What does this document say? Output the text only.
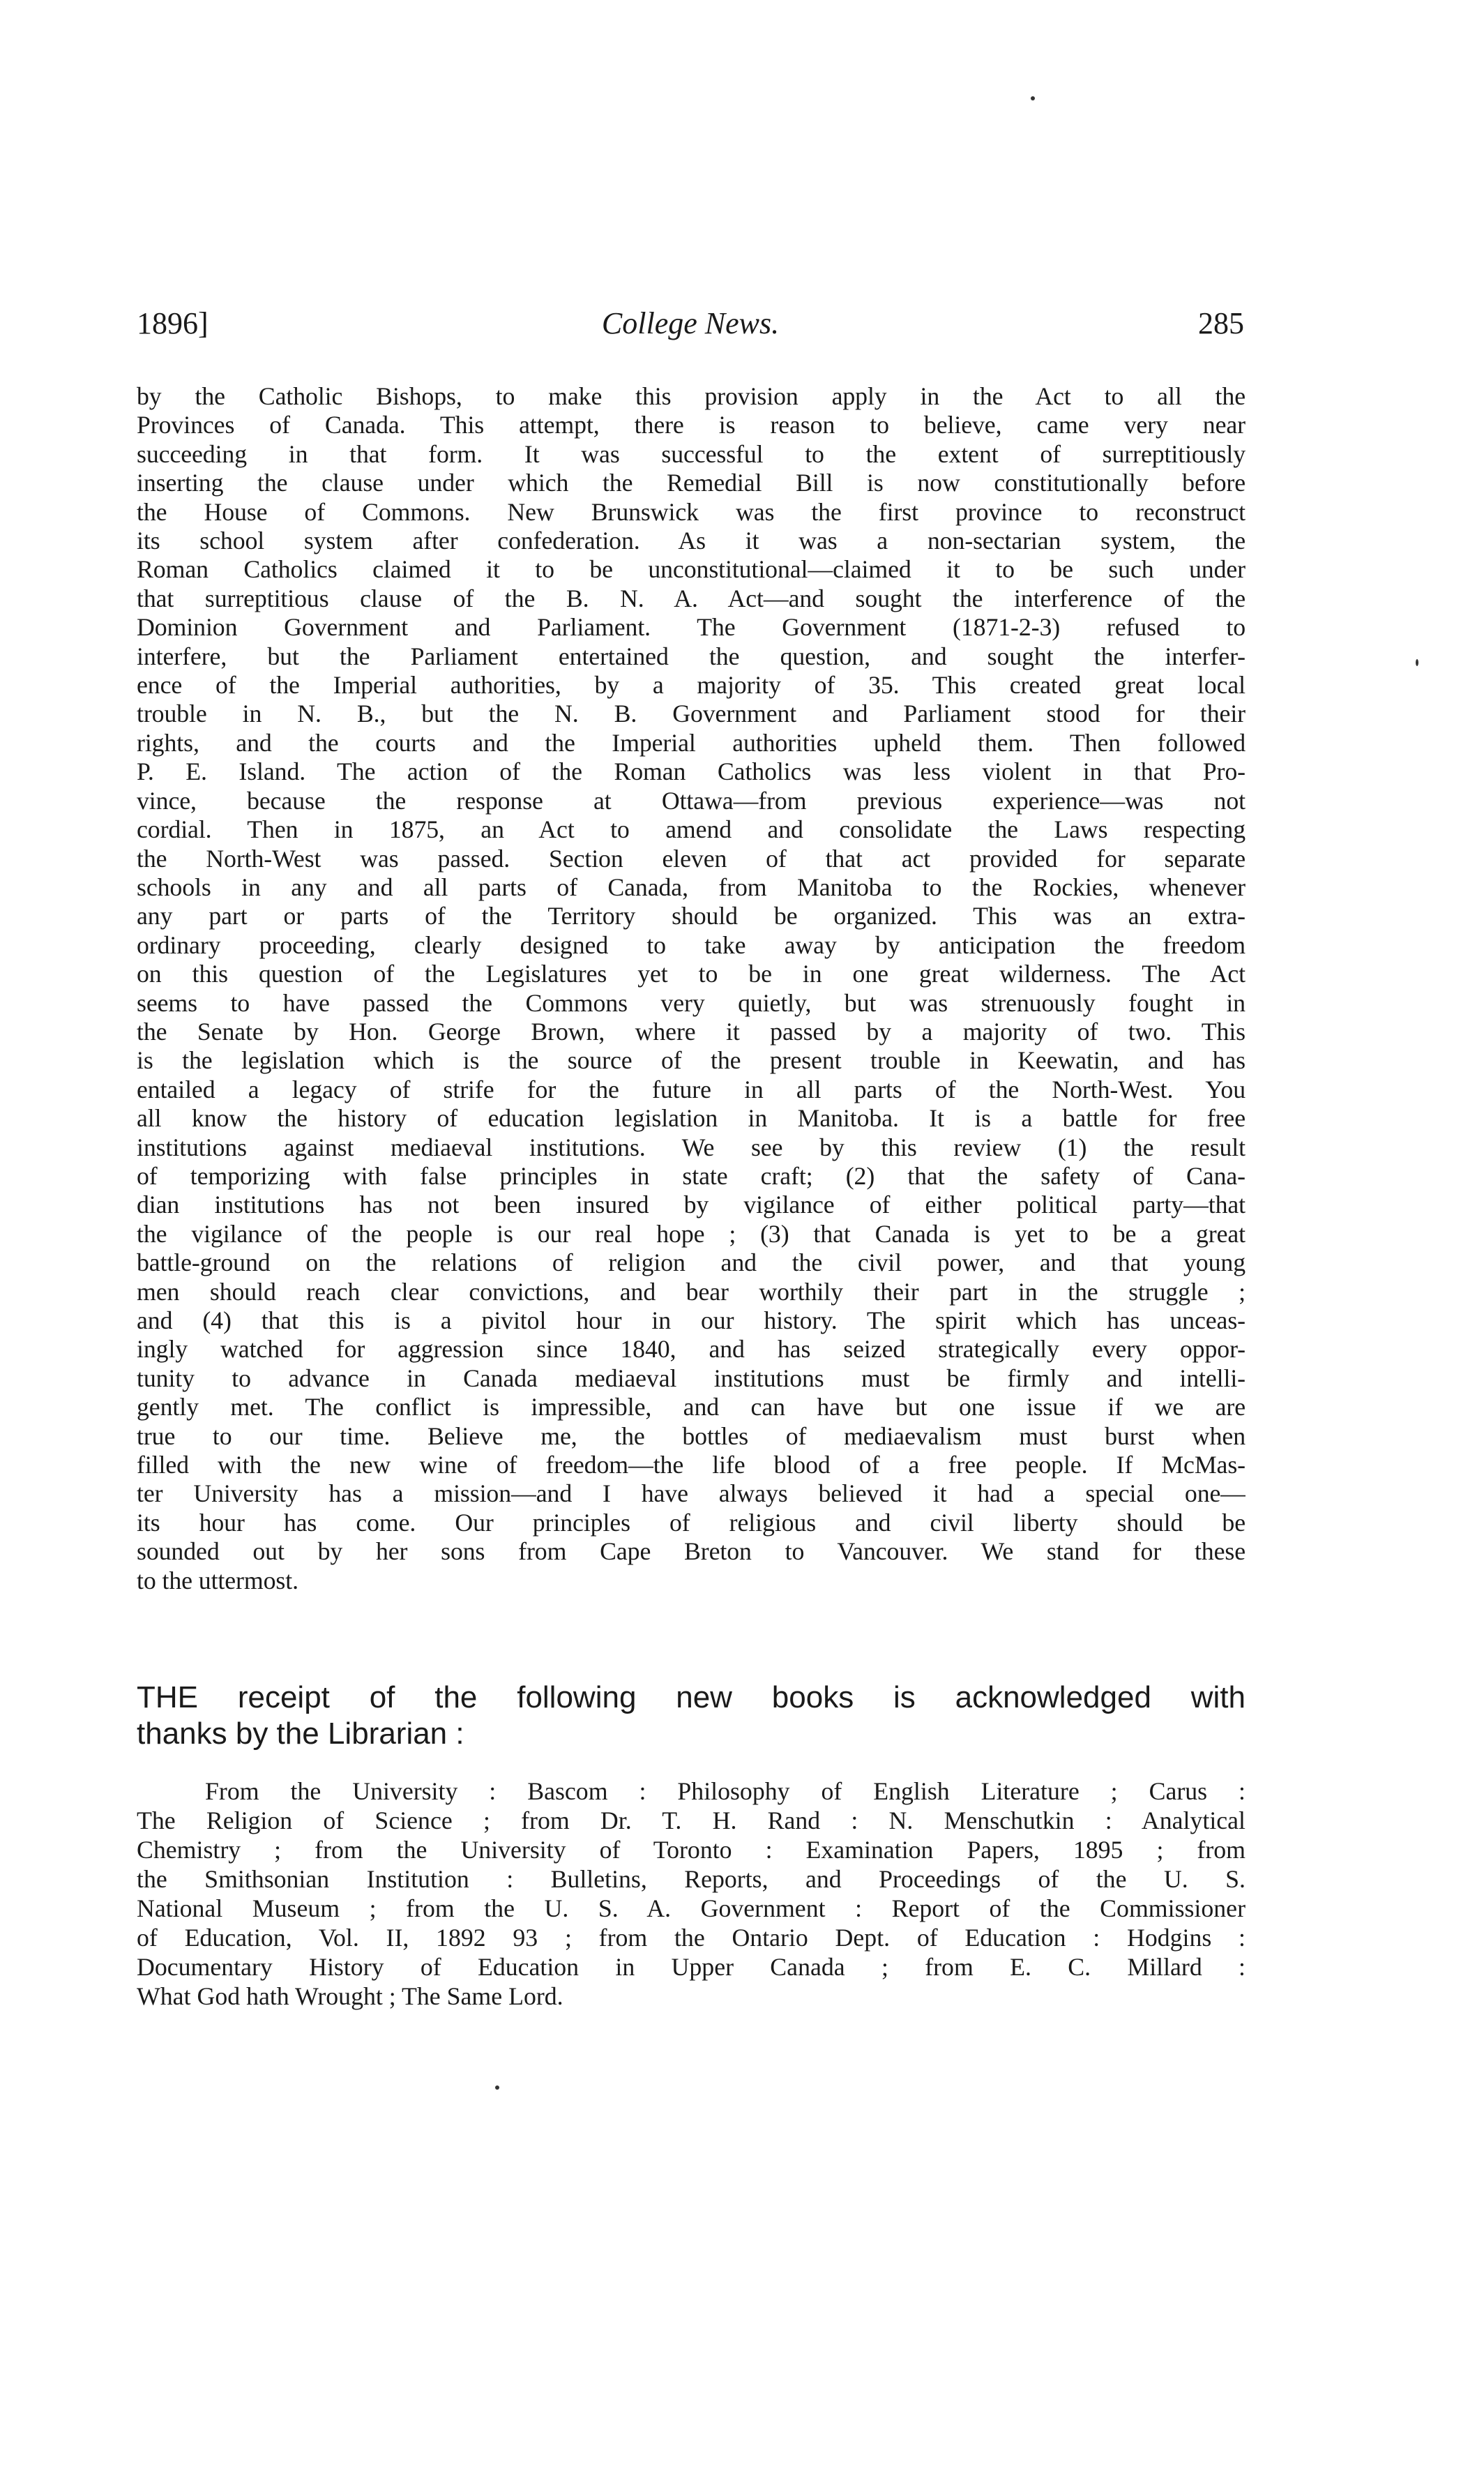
1896]	College News.	285
by the Catholic Bishops, to make this provision apply in the Act to all the
Provinces of Canada. This attempt, there is reason to believe, came very near
succeeding in that form. It was successful to the extent of surreptitiously
inserting the clause under which the Remedial Bill is now constitutionally before
the House of Commons. New Brunswick was the first province to reconstruct
its school system after confederation. As it was a non-sectarian system, the
Roman Catholics claimed it to be unconstitutional—claimed it to be such under
that surreptitious clause of the B. N. A. Act—and sought the interference of the
Dominion Government and Parliament. The Government (1871-2-3) refused to
interfere, but the Parliament entertained the question, and sought the interfer-
ence of the Imperial authorities, by a majority of 35. This created great local
trouble in N. B., but the N. B. Government and Parliament stood for their
rights, and the courts and the Imperial authorities upheld them. Then followed
P. E. Island. The action of the Roman Catholics was less violent in that Pro-
vince, because the response at Ottawa—from previous experience—was not
cordial. Then in 1875, an Act to amend and consolidate the Laws respecting
the North-West was passed. Section eleven of that act provided for separate
schools in any and all parts of Canada, from Manitoba to the Rockies, whenever
any part or parts of the Territory should be organized. This was an extra-
ordinary proceeding, clearly designed to take away by anticipation the freedom
on this question of the Legislatures yet to be in one great wilderness. The Act
seems to have passed the Commons very quietly, but was strenuously fought in
the Senate by Hon. George Brown, where it passed by a majority of two. This
is the legislation which is the source of the present trouble in Keewatin, and has
entailed a legacy of strife for the future in all parts of the North-West. You
all know the history of education legislation in Manitoba. It is a battle for free
institutions against mediaeval institutions. We see by this review (1) the result
of temporizing with false principles in state craft; (2) that the safety of Cana-
dian institutions has not been insured by vigilance of either political party—that
the vigilance of the people is our real hope ; (3) that Canada is yet to be a great
battle-ground on the relations of religion and the civil power, and that young
men should reach clear convictions, and bear worthily their part in the struggle ;
and (4) that this is a pivitol hour in our history. The spirit which has unceas-
ingly watched for aggression since 1840, and has seized strategically every oppor-
tunity to advance in Canada mediaeval institutions must be firmly and intelli-
gently met. The conflict is impressible, and can have but one issue if we are
true to our time. Believe me, the bottles of mediaevalism must burst when
filled with the new wine of freedom—the life blood of a free people. If McMas-
ter University has a mission—and I have always believed it had a special one—
its hour has come. Our principles of religious and civil liberty should be
sounded out by her sons from Cape Breton to Vancouver. We stand for these
to the uttermost.
THE receipt of the following new books is acknowledged with
thanks by the Librarian :
From the University : Bascom : Philosophy of English Literature ; Carus :
The Religion of Science ; from Dr. T. H. Rand : N. Menschutkin : Analytical
Chemistry ; from the University of Toronto : Examination Papers, 1895 ; from
the Smithsonian Institution : Bulletins, Reports, and Proceedings of the U. S.
National Museum ; from the U. S. A. Government : Report of the Commissioner
of Education, Vol. II, 1892 93 ; from the Ontario Dept. of Education : Hodgins :
Documentary History of Education in Upper Canada ; from E. C. Millard :
What God hath Wrought ; The Same Lord.
